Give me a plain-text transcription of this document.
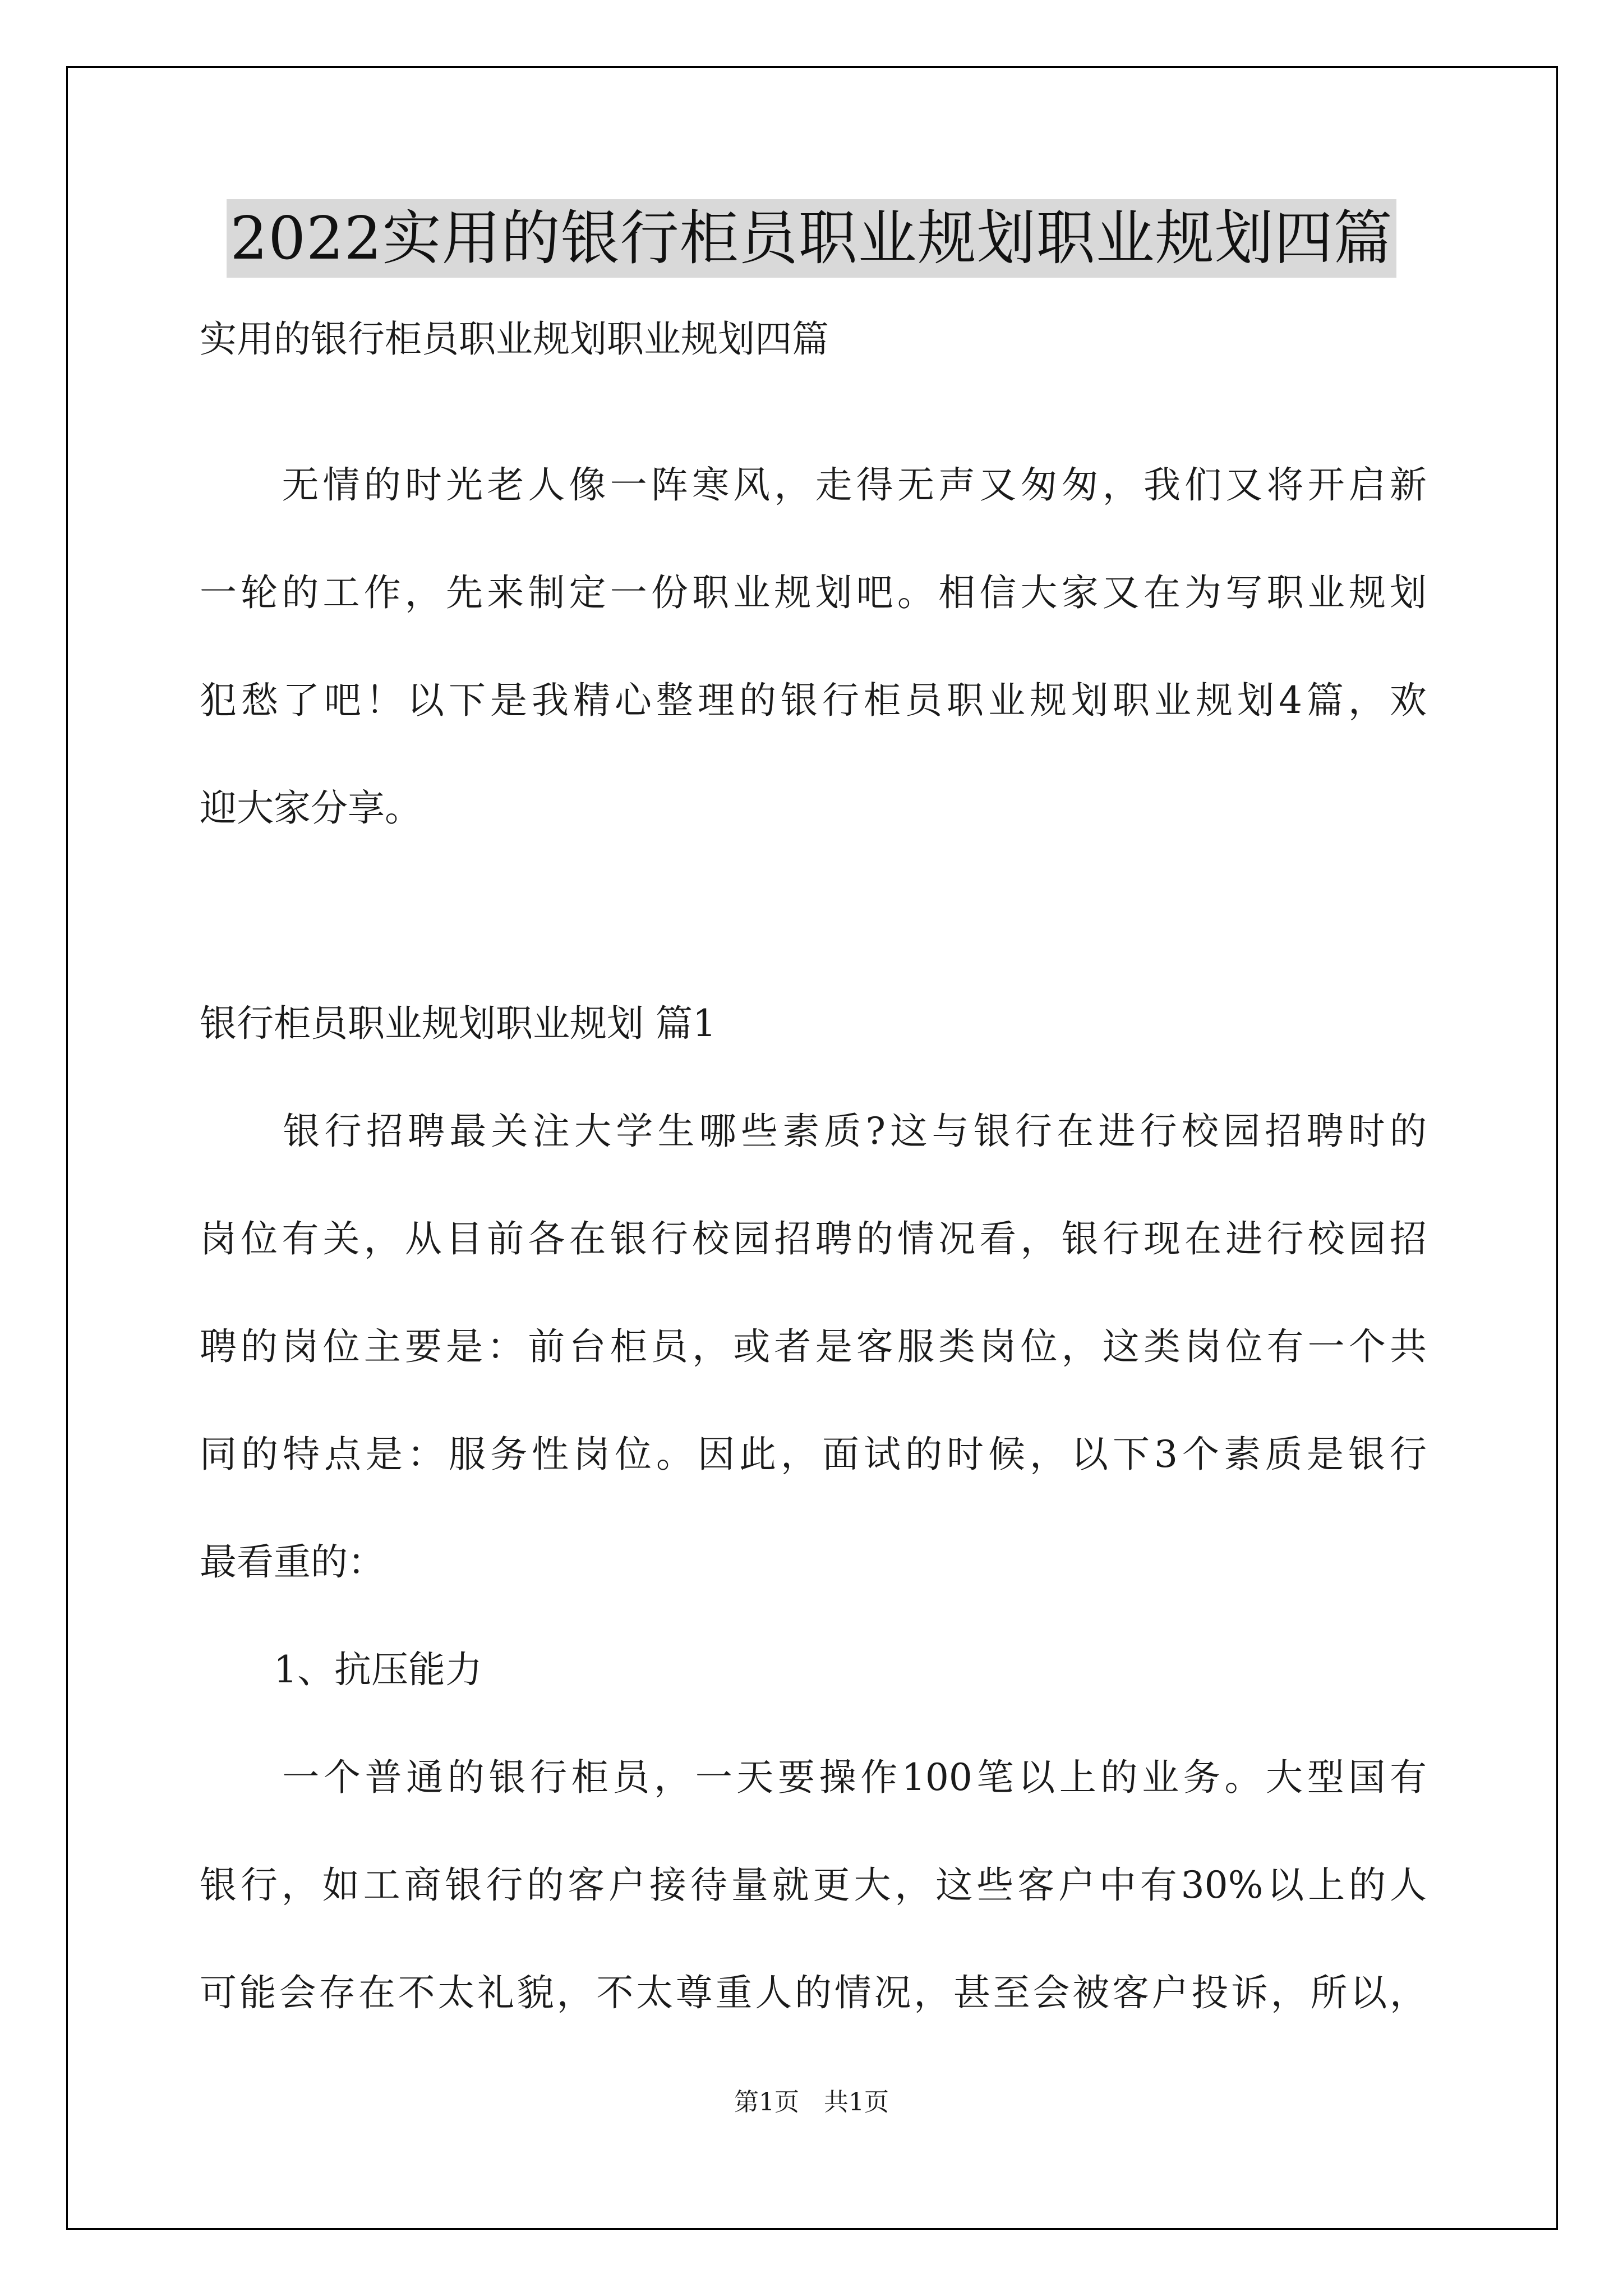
2022实用的银行柜员职业规划职业规划四篇
实用的银行柜员职业规划职业规划四篇
　　无情的时光老人像一阵寒风，走得无声又匆匆，我们又将开启新
一轮的工作，先来制定一份职业规划吧。相信大家又在为写职业规划
犯愁了吧！以下是我精心整理的银行柜员职业规划职业规划4篇，欢
迎大家分享。
银行柜员职业规划职业规划 篇1
　　银行招聘最关注大学生哪些素质?这与银行在进行校园招聘时的
岗位有关，从目前各在银行校园招聘的情况看，银行现在进行校园招
聘的岗位主要是：前台柜员，或者是客服类岗位，这类岗位有一个共
同的特点是：服务性岗位。因此，面试的时候，以下3个素质是银行
最看重的：
　　1、抗压能力
　　一个普通的银行柜员，一天要操作100笔以上的业务。大型国有
银行，如工商银行的客户接待量就更大，这些客户中有30%以上的人
可能会存在不太礼貌，不太尊重人的情况，甚至会被客户投诉，所以，
第1页　共1页
